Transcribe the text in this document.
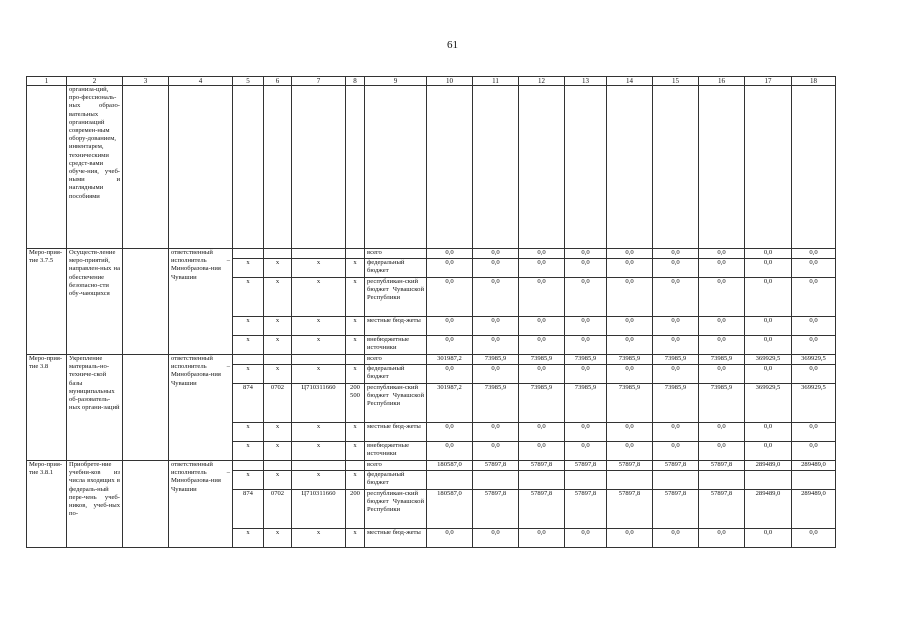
61
1	2	3	4	5	6	7	8	9	10	11	12	13	14	15	16	17	18
	организа-ций, про-фессиональ-ных образо-вательных организаций современ-ным обору-дованием, инвентарем, техническими средст-вами обуче-ния, учеб-ными и наглядными пособиями																
Меро-прия-тие 3.7.5	Осуществ-ление меро-приятий, направлен-ных на обеспечение безопасно-сти обу-чающихся		ответственный исполнитель – Минобразова-ния Чувашии					всего	0,0	0,0	0,0	0,0	0,0	0,0	0,0	0,0	0,0
				х	х	х	х	федеральный бюджет	0,0	0,0	0,0	0,0	0,0	0,0	0,0	0,0	0,0
				х	х	х	х	республикан-ский бюджет Чувашской Республики	0,0	0,0	0,0	0,0	0,0	0,0	0,0	0,0	0,0
				х	х	х	х	местные бюд-жеты	0,0	0,0	0,0	0,0	0,0	0,0	0,0	0,0	0,0
				х	х	х	х	внебюджетные источники	0,0	0,0	0,0	0,0	0,0	0,0	0,0	0,0	0,0
Меро-прия-тие 3.8	Укрепление материаль-но-техниче-ской базы муниципальных об-разователь-ных органи-заций		ответственный исполнитель – Минобразова-ния Чувашии					всего	301987,2	73985,9	73985,9	73985,9	73985,9	73985,9	73985,9	369929,5	369929,5
				х	х	х	х	федеральный бюджет	0,0	0,0	0,0	0,0	0,0	0,0	0,0	0,0	0,0
				874	0702	Ц710311660	200 500	республикан-ский бюджет Чувашской Республики	301987,2	73985,9	73985,9	73985,9	73985,9	73985,9	73985,9	369929,5	369929,5
				х	х	х	х	местные бюд-жеты	0,0	0,0	0,0	0,0	0,0	0,0	0,0	0,0	0,0
				х	х	х	х	внебюджетные источники	0,0	0,0	0,0	0,0	0,0	0,0	0,0	0,0	0,0
Меро-прия-тие 3.8.1	Приобрете-ние учебни-ков из числа входящих в федераль-ный пере-чень учеб-ников, учеб-ных по-		ответственный исполнитель – Минобразова-ния Чувашии					всего	180587,0	57897,8	57897,8	57897,8	57897,8	57897,8	57897,8	289489,0	289489,0
				х	х	х	х	федеральный бюджет									
				874	0702	Ц710311660	200	республикан-ский бюджет Чувашской Республики	180587,0	57897,8	57897,8	57897,8	57897,8	57897,8	57897,8	289489,0	289489,0
				х	х	х	х	местные бюд-жеты	0,0	0,0	0,0	0,0	0,0	0,0	0,0	0,0	0,0
